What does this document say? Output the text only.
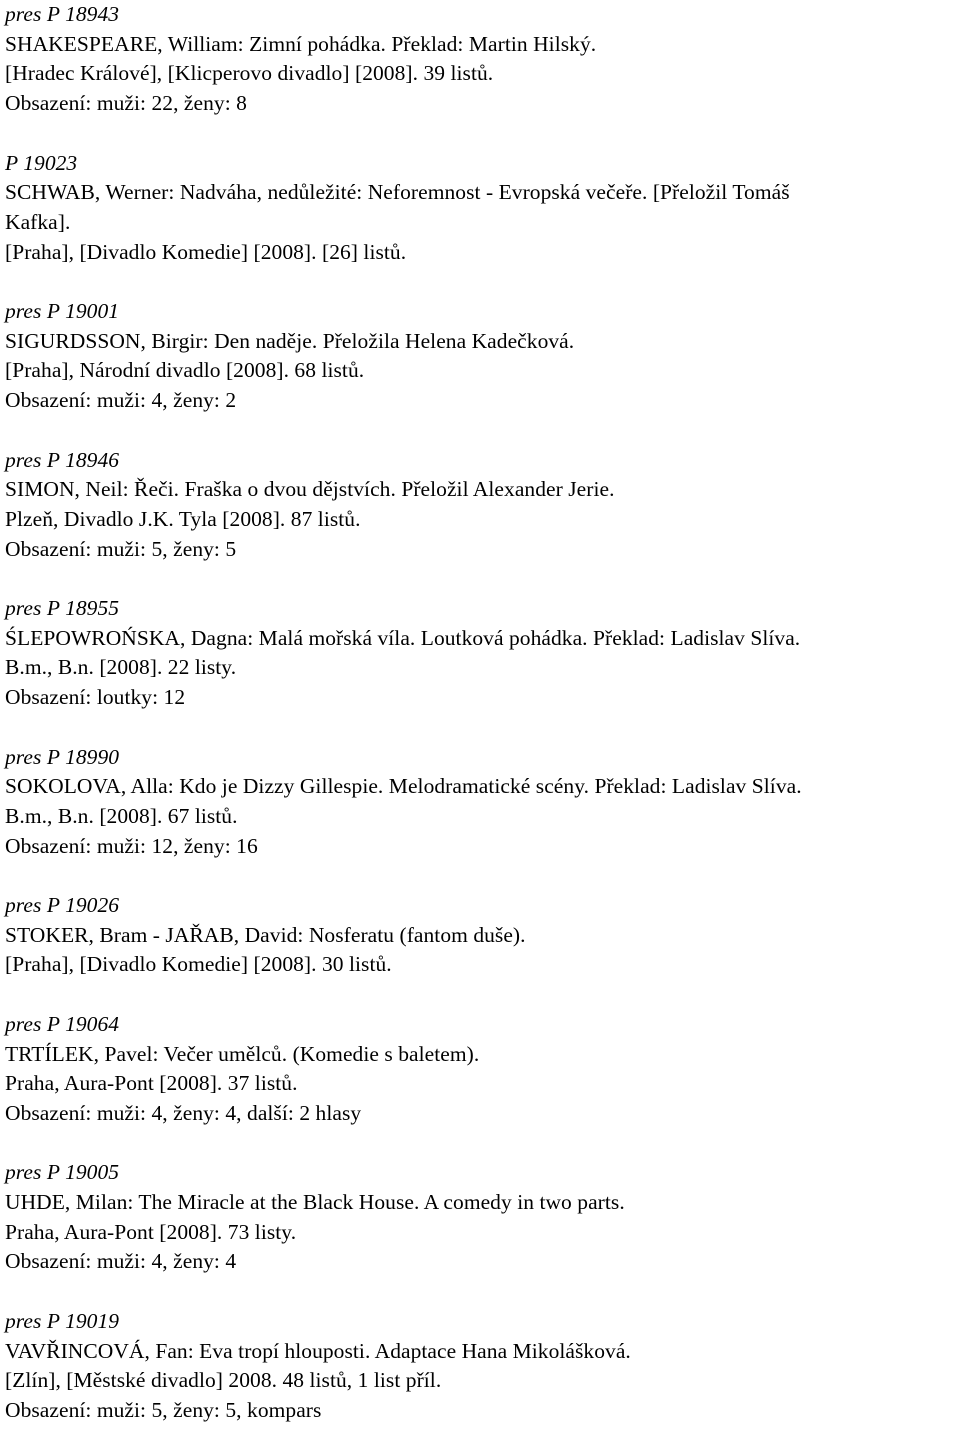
pres P 18943
SHAKESPEARE, William: Zimní pohádka. Překlad: Martin Hilský.
[Hradec Králové], [Klicperovo divadlo] [2008]. 39 listů.
Obsazení: muži: 22, ženy: 8
P 19023
SCHWAB, Werner: Nadváha, nedůležité: Neforemnost - Evropská večeře. [Přeložil Tomáš
Kafka].
[Praha], [Divadlo Komedie] [2008]. [26] listů.
pres P 19001
SIGURDSSON, Birgir: Den naděje. Přeložila Helena Kadečková.
[Praha], Národní divadlo [2008]. 68 listů.
Obsazení: muži: 4, ženy: 2
pres P 18946
SIMON, Neil: Řeči. Fraška o dvou dějstvích. Přeložil Alexander Jerie.
Plzeň, Divadlo J.K. Tyla [2008]. 87 listů.
Obsazení: muži: 5, ženy: 5
pres P 18955
ŚLEPOWROŃSKA, Dagna: Malá mořská víla. Loutková pohádka. Překlad: Ladislav Slíva.
B.m., B.n. [2008]. 22 listy.
Obsazení: loutky: 12
pres P 18990
SOKOLOVA, Alla: Kdo je Dizzy Gillespie. Melodramatické scény. Překlad: Ladislav Slíva.
B.m., B.n. [2008]. 67 listů.
Obsazení: muži: 12, ženy: 16
pres P 19026
STOKER, Bram - JAŘAB, David: Nosferatu (fantom duše).
[Praha], [Divadlo Komedie] [2008]. 30 listů.
pres P 19064
TRTÍLEK, Pavel: Večer umělců. (Komedie s baletem).
Praha, Aura-Pont [2008]. 37 listů.
Obsazení: muži: 4, ženy: 4, další: 2 hlasy
pres P 19005
UHDE, Milan: The Miracle at the Black House. A comedy in two parts.
Praha, Aura-Pont [2008]. 73 listy.
Obsazení: muži: 4, ženy: 4
pres P 19019
VAVŘINCOVÁ, Fan: Eva tropí hlouposti. Adaptace Hana Mikolášková.
[Zlín], [Městské divadlo] 2008. 48 listů, 1 list příl.
Obsazení: muži: 5, ženy: 5, kompars
